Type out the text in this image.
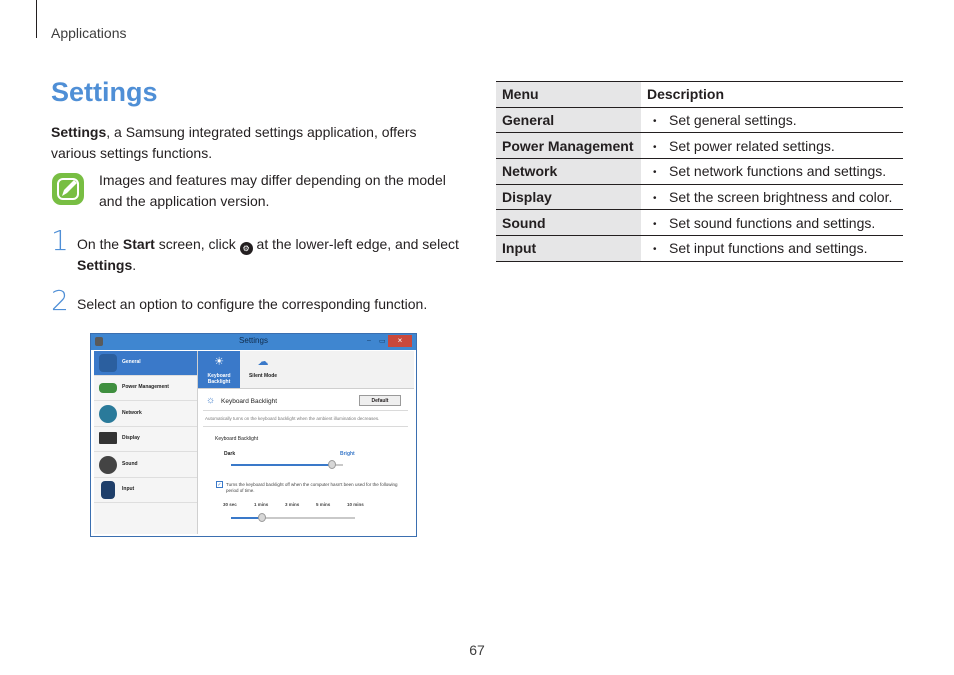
Applications
Settings
Settings, a Samsung integrated settings application, offers various settings functions.
Images and features may differ depending on the model and the application version.
1 On the Start screen, click ⚙ at the lower-left edge, and select Settings.
2 Select an option to configure the corresponding function.
Settings	– ▭	×
General
Power Management
Network
Display
Sound
Input
☀
Keyboard
Backlight
☁
Silent Mode
☼ Keyboard Backlight	Default
Automatically turns on the keyboard backlight when the ambient illumination decreases.
Keyboard Backlight
Dark	Bright
✓ Turns the keyboard backlight off when the computer hasn't been used for the following period of time.
30 sec	1 mins	3 mins	5 mins	10 mins
Menu	Description
General	• Set general settings.
Power Management	• Set power related settings.
Network	• Set network functions and settings.
Display	• Set the screen brightness and color.
Sound	• Set sound functions and settings.
Input	• Set input functions and settings.
67
